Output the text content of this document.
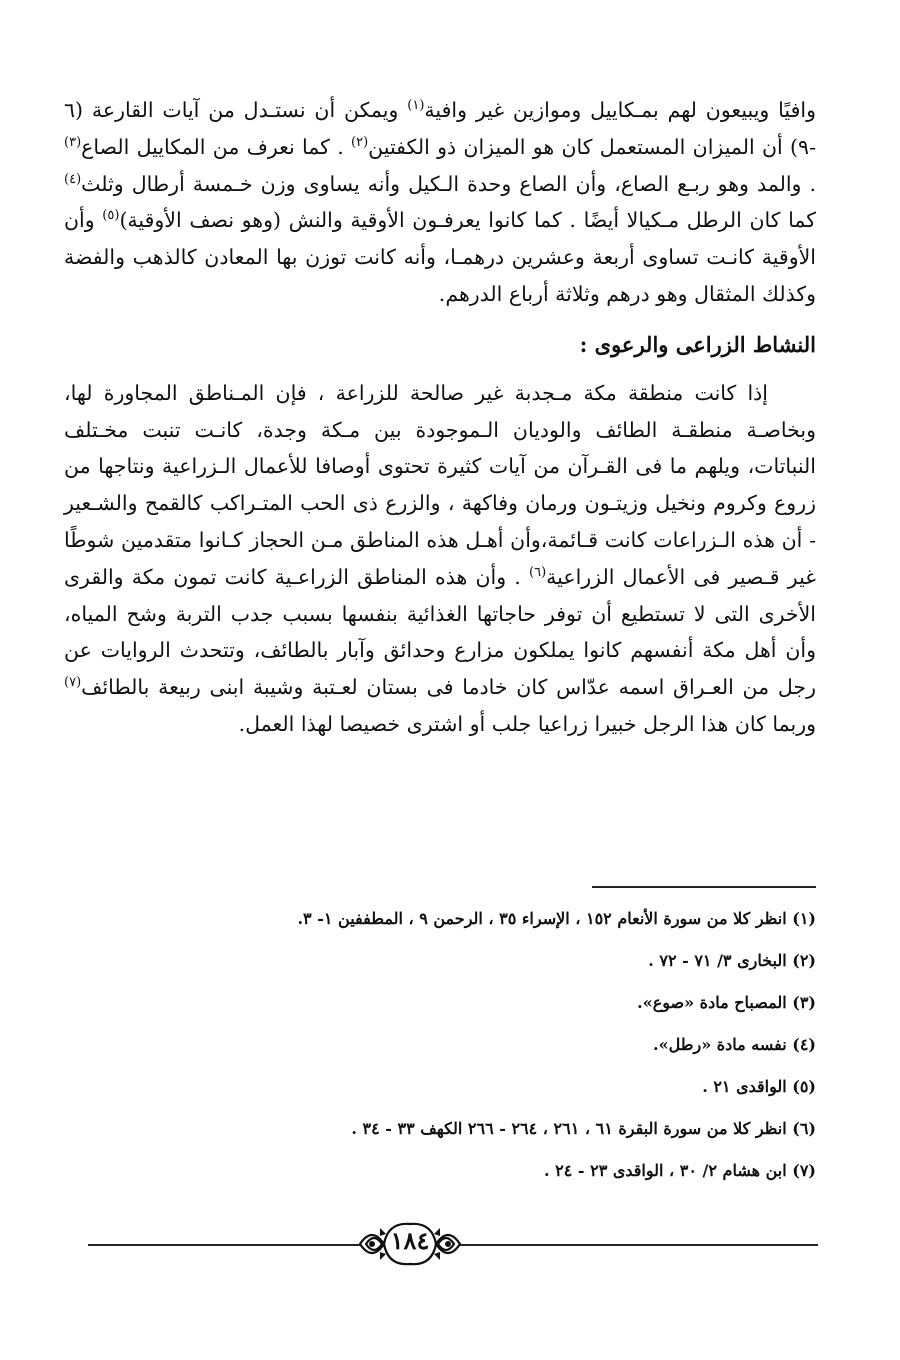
وافيًا ويبيعون لهم بمـكاييل وموازين غير وافية$^{(١)}$ ويمكن أن نستـدل من آيات القارعة (٦ -٩) أن الميزان المستعمل كان هو الميزان ذو الكفتين$^{(٢)}$ . كما نعرف من المكاييل الصاع$^{(٣)}$ . والمد وهو ربـع الصاع، وأن الصاع وحدة الـكيل وأنه يساوى وزن خـمسة أرطال وثلث$^{(٤)}$ كما كان الرطل مـكيالا أيضًا . كما كانوا يعرفـون الأوقية والنش (وهو نصف الأوقية)$^{(٥)}$ وأن الأوقية كانـت تساوى أربعة وعشرين درهمـا، وأنه كانت توزن بها المعادن كالذهب والفضة وكذلك المثقال وهو درهم وثلاثة أرباع الدرهم.

النشاط الزراعى والرعوى :

إذا كانت منطقة مكة مـجدبة غير صالحة للزراعة ، فإن المـناطق المجاورة لها، وبخاصـة منطقـة الطائف والوديان الـموجودة بين مـكة وجدة، كانـت تنبت مخـتلف النباتات، ويلهم ما فى القـرآن من آيات كثيرة تحتوى أوصافا للأعمال الـزراعية ونتاجها من زروع وكروم ونخيل وزيتـون ورمان وفاكهة ، والزرع ذى الحب المتـراكب كالقمح والشـعير - أن هذه الـزراعات كانت قـائمة،وأن أهـل هذه المناطق مـن الحجاز كـانوا متقدمين شوطًا غير قـصير فى الأعمال الزراعية$^{(٦)}$ . وأن هذه المناطق الزراعـية كانت تمون مكة والقرى الأخرى التى لا تستطيع أن توفر حاجاتها الغذائية بنفسها بسبب جدب التربة وشح المياه، وأن أهل مكة أنفسهم كانوا يملكون مزارع وحدائق وآبار بالطائف، وتتحدث الروايات عن رجل من العـراق اسمه عدّاس كان خادما فى بستان لعـتبة وشيبة ابنى ربيعة بالطائف$^{(٧)}$ وربما كان هذا الرجل خبيرا زراعيا جلب أو اشترى خصيصا لهذا العمل.

(١) انظر كلا من سورة الأنعام ١٥٢ ، الإسراء ٣٥ ، الرحمن ٩ ، المطففين ١- ٣.

(٢) البخارى ٣/ ٧١ - ٧٢ .

(٣) المصباح مادة «صوع».

(٤) نفسه مادة «رطل».

(٥) الواقدى ٢١ .

(٦) انظر كلا من سورة البقرة ٦١ ، ٢٦١ ، ٢٦٤ - ٢٦٦ الكهف ٣٣ - ٣٤ .

(٧) ابن هشام ٢/ ٣٠ ، الواقدى ٢٣ - ٢٤ .

١٨٤
